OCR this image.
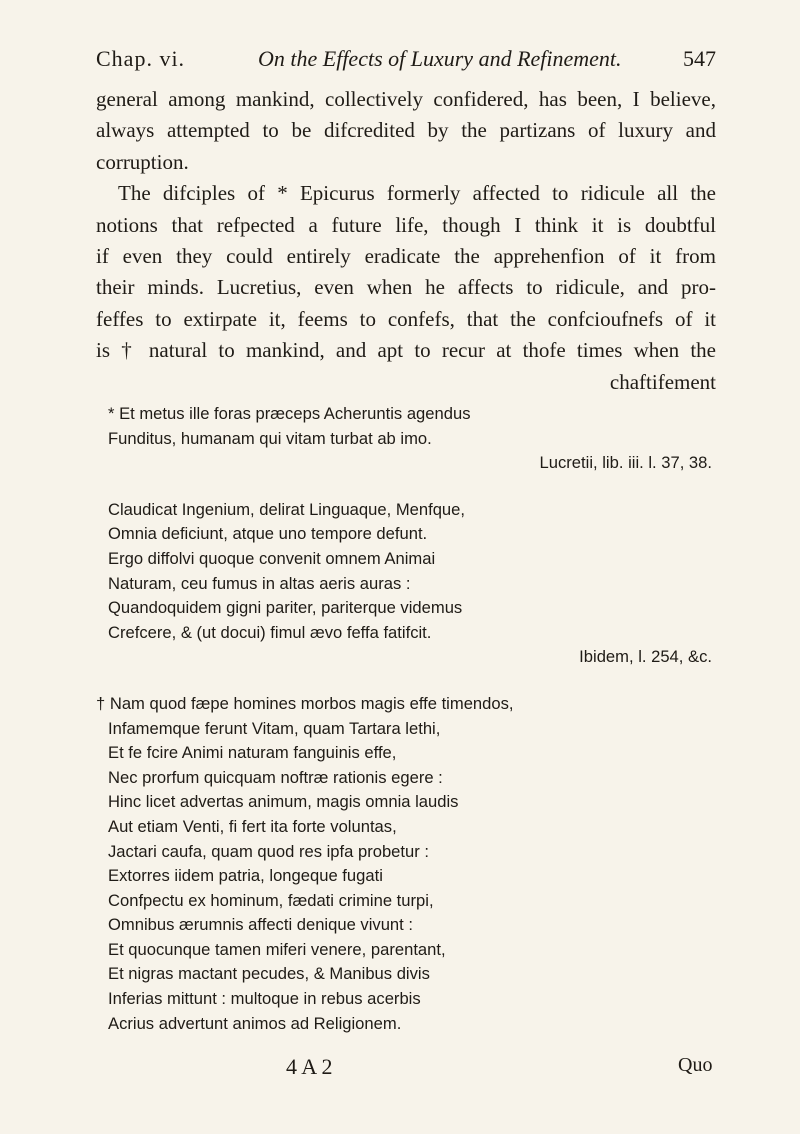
Chap. vi.	On the Effects of Luxury and Refinement.	547
general among mankind, collectively confidered, has been, I believe,
always attempted to be difcredited by the partizans of luxury and
corruption.
The difciples of * Epicurus formerly affected to ridicule all the
notions that refpected a future life, though I think it is doubtful
if even they could entirely eradicate the apprehenfion of it from
their minds. Lucretius, even when he affects to ridicule, and pro-
feffes to extirpate it, feems to confefs, that the confcioufnefs of it
is † natural to mankind, and apt to recur at thofe times when the
chaftifement
* Et metus ille foras præceps Acheruntis agendus
Funditus, humanam qui vitam turbat ab imo.
Lucretii, lib. iii. l. 37, 38.
Claudicat Ingenium, delirat Linguaque, Menfque,
Omnia deficiunt, atque uno tempore defunt.
Ergo diffolvi quoque convenit omnem Animai
Naturam, ceu fumus in altas aeris auras :
Quandoquidem gigni pariter, pariterque videmus
Crefcere, & (ut docui) fimul ævo feffa fatifcit.
Ibidem, l. 254, &c.
† Nam quod fæpe homines morbos magis effe timendos,
Infamemque ferunt Vitam, quam Tartara lethi,
Et fe fcire Animi naturam fanguinis effe,
Nec prorfum quicquam noftræ rationis egere :
Hinc licet advertas animum, magis omnia laudis
Aut etiam Venti, fi fert ita forte voluntas,
Jactari caufa, quam quod res ipfa probetur :
Extorres iidem patria, longeque fugati
Confpectu ex hominum, fædati crimine turpi,
Omnibus ærumnis affecti denique vivunt :
Et quocunque tamen miferi venere, parentant,
Et nigras mactant pecudes, & Manibus divis
Inferias mittunt : multoque in rebus acerbis
Acrius advertunt animos ad Religionem.
4 A 2	Quo
